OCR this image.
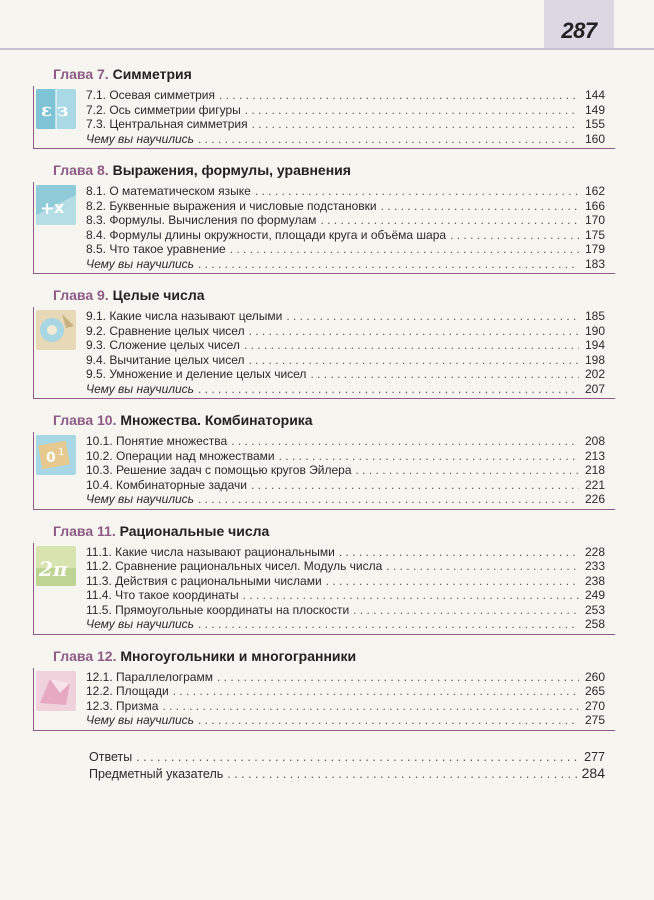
287
Глава 7. Симметрия
ε з
7.1. Осевая симметрия . . .	144
7.2. Ось симметрии фигуры . . .	149
7.3. Центральная симметрия . . .	155
Чему вы научились . . .	160
Глава 8. Выражения, формулы, уравнения
+ x
8.1. О математическом языке . . .	162
8.2. Буквенные выражения и числовые подстановки . . .	166
8.3. Формулы. Вычисления по формулам . . .	170
8.4. Формулы длины окружности, площади круга и объёма шара . . .	175
8.5. Что такое уравнение . . .	179
Чему вы научились . . .	183
Глава 9. Целые числа
9.1. Какие числа называют целыми . . .	185
9.2. Сравнение целых чисел . . .	190
9.3. Сложение целых чисел . . .	194
9.4. Вычитание целых чисел . . .	198
9.5. Умножение и деление целых чисел . . .	202
Чему вы научились . . .	207
Глава 10. Множества. Комбинаторика
0 1
10.1. Понятие множества . . .	208
10.2. Операции над множествами . . .	213
10.3. Решение задач с помощью кругов Эйлера . . .	218
10.4. Комбинаторные задачи . . .	221
Чему вы научились . . .	226
Глава 11. Рациональные числа
2π
11.1. Какие числа называют рациональными . . .	228
11.2. Сравнение рациональных чисел. Модуль числа . . .	233
11.3. Действия с рациональными числами . . .	238
11.4. Что такое координаты . . .	249
11.5. Прямоугольные координаты на плоскости . . .	253
Чему вы научились . . .	258
Глава 12. Многоугольники и многогранники
12.1. Параллелограмм . . .	260
12.2. Площади . . .	265
12.3. Призма . . .	270
Чему вы научились . . .	275
Ответы . . .	277
Предметный указатель . . .	284
